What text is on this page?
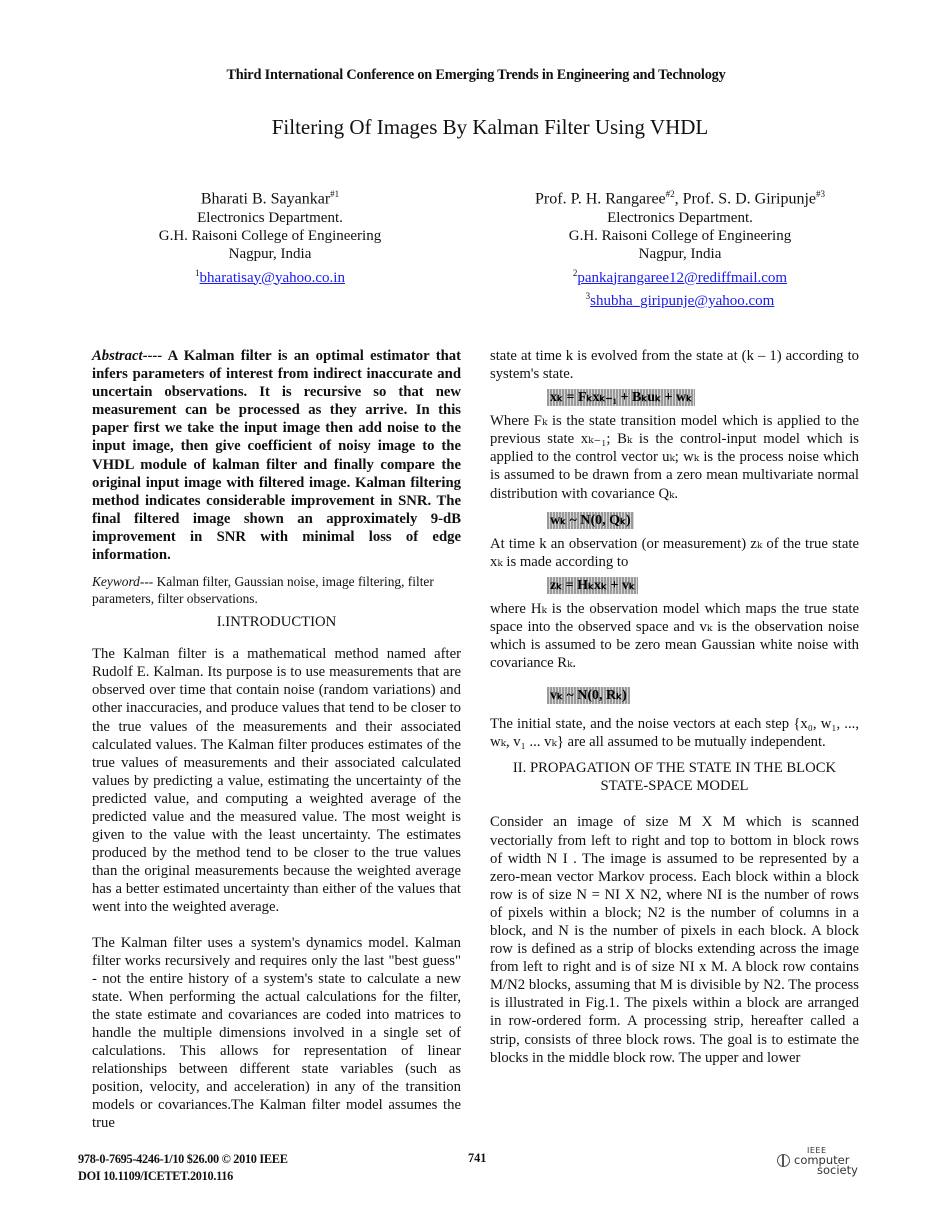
Third International Conference on Emerging Trends in Engineering and Technology
Filtering Of Images By Kalman Filter Using VHDL
Bharati B. Sayankar$^{\#1}$
Electronics Department.
G.H. Raisoni College of Engineering
Nagpur, India
$^1$bharatisay@yahoo.co.in
Prof. P. H. Rangaree$^{\#2}$, Prof. S. D. Giripunje$^{\#3}$
Electronics Department.
G.H. Raisoni College of Engineering
Nagpur, India
$^2$pankajrangaree12@rediffmail.com
$^3$shubha_giripunje@yahoo.com

Abstract---- A Kalman filter is an optimal estimator that infers parameters of interest from indirect inaccurate and uncertain observations. It is recursive so that new measurement can be processed as they arrive. In this paper first we take the input image then add noise to the input image, then give coefficient of noisy image to the VHDL module of kalman filter and finally compare the original input image with filtered image. Kalman filtering method indicates considerable improvement in SNR. The final filtered image shown an approximately 9-dB improvement in SNR with minimal loss of edge information.

Keyword--- Kalman filter, Gaussian noise, image filtering, filter parameters, filter observations.
I.INTRODUCTION

The Kalman filter is a mathematical method named after Rudolf E. Kalman. Its purpose is to use measurements that are observed over time that contain noise (random variations) and other inaccuracies, and produce values that tend to be closer to the true values of the measurements and their associated calculated values. The Kalman filter produces estimates of the true values of measurements and their associated calculated values by predicting a value, estimating the uncertainty of the predicted value, and computing a weighted average of the predicted value and the measured value. The most weight is given to the value with the least uncertainty. The estimates produced by the method tend to be closer to the true values than the original measurements because the weighted average has a better estimated uncertainty than either of the values that went into the weighted average.

The Kalman filter uses a system's dynamics model. Kalman filter works recursively and requires only the last "best guess" - not the entire history of a system's state to calculate a new state. When performing the actual calculations for the filter, the state estimate and covariances are coded into matrices to handle the multiple dimensions involved in a single set of calculations. This allows for representation of linear relationships between different state variables (such as position, velocity, and acceleration) in any of the transition models or covariances.The Kalman filter model assumes the true

state at time k is evolved from the state at (k – 1) according to system's state.

xₖ = Fₖxₖ₋₁ + Bₖuₖ + wₖ

Where Fₖ is the state transition model which is applied to the previous state xₖ₋₁; Bₖ is the control-input model which is applied to the control vector uₖ; wₖ is the process noise which is assumed to be drawn from a zero mean multivariate normal distribution with covariance Qₖ.

wₖ ~ N(0, Qₖ)

At time k an observation (or measurement) zₖ of the true state xₖ is made according to

zₖ = Hₖxₖ + vₖ

where Hₖ is the observation model which maps the true state space into the observed space and vₖ is the observation noise which is assumed to be zero mean Gaussian white noise with covariance Rₖ.

vₖ ~ N(0, Rₖ)

The initial state, and the noise vectors at each step {x₀, w₁, ..., wₖ, v₁ ... vₖ} are all assumed to be mutually independent.

II. PROPAGATION OF THE STATE IN THE BLOCK
STATE-SPACE MODEL

Consider an image of size M X M which is scanned vectorially from left to right and top to bottom in block rows of width N I . The image is assumed to be represented by a zero-mean vector Markov process. Each block within a block row is of size N = NI X N2, where NI is the number of rows of pixels within a block; N2 is the number of columns in a block, and N is the number of pixels in each block. A block row is defined as a strip of blocks extending across the image from left to right and is of size NI x M. A block row contains M/N2 blocks, assuming that M is divisible by N2. The process is illustrated in Fig.1. The pixels within a block are arranged in row-ordered form. A processing strip, hereafter called a strip, consists of three block rows. The goal is to estimate the blocks in the middle block row. The upper and lower

978-0-7695-4246-1/10 $26.00 © 2010 IEEE
DOI 10.1109/ICETET.2010.116
741
IEEE
computer
society
